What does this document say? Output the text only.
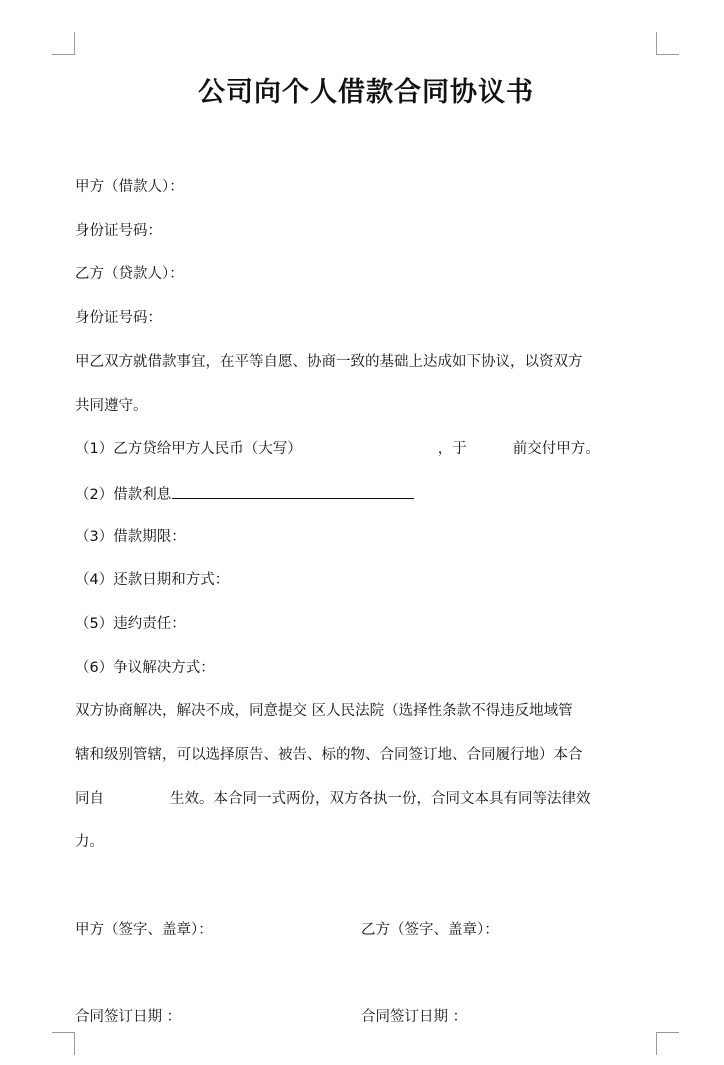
公司向个人借款合同协议书
甲方（借款人）：
身份证号码：
乙方（贷款人）：
身份证号码：
甲乙双方就借款事宜，在平等自愿、协商一致的基础上达成如下协议，以资双方
共同遵守。
（1）乙方贷给甲方人民币（大写）	，于	前交付甲方。
（2）借款利息
（3）借款期限：
（4）还款日期和方式：
（5）违约责任：
（6）争议解决方式：
双方协商解决，解决不成，同意提交 区人民法院（选择性条款不得违反地域管
辖和级别管辖，可以选择原告、被告、标的物、合同签订地、合同履行地）本合
同自	生效。本合同一式两份，双方各执一份，合同文本具有同等法律效
力。
甲方（签字、盖章）：	乙方（签字、盖章）：
合同签订日期 ：	合同签订日期 ：
